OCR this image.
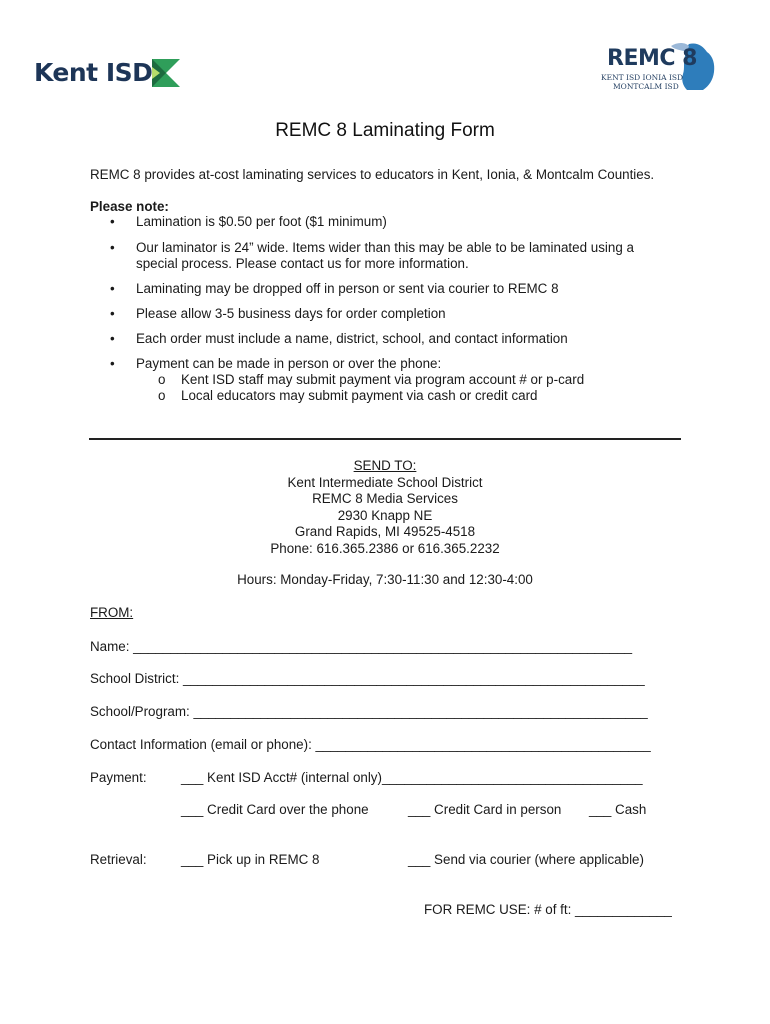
Kent ISD	REMC 8
KENT ISD IONIA ISD
MONTCALM ISD
REMC 8 Laminating Form
REMC 8 provides at-cost laminating services to educators in Kent, Ionia, & Montcalm Counties.
Please note:
• Lamination is $0.50 per foot ($1 minimum)
• Our laminator is 24” wide. Items wider than this may be able to be laminated using a
special process. Please contact us for more information.
• Laminating may be dropped off in person or sent via courier to REMC 8
• Please allow 3-5 business days for order completion
• Each order must include a name, district, school, and contact information
• Payment can be made in person or over the phone:
o Kent ISD staff may submit payment via program account # or p-card
o Local educators may submit payment via cash or credit card
SEND TO:
Kent Intermediate School District
REMC 8 Media Services
2930 Knapp NE
Grand Rapids, MI 49525-4518
Phone: 616.365.2386 or 616.365.2232
Hours: Monday-Friday, 7:30-11:30 and 12:30-4:00
FROM:
Name: ___________________________________________________________________
School District: ______________________________________________________________
School/Program: _____________________________________________________________
Contact Information (email or phone): _____________________________________________
Payment:	___ Kent ISD Acct# (internal only)___________________________________
___ Credit Card over the phone	___ Credit Card in person ___ Cash
Retrieval:	___ Pick up in REMC 8	___ Send via courier (where applicable)
FOR REMC USE: # of ft: _____________
